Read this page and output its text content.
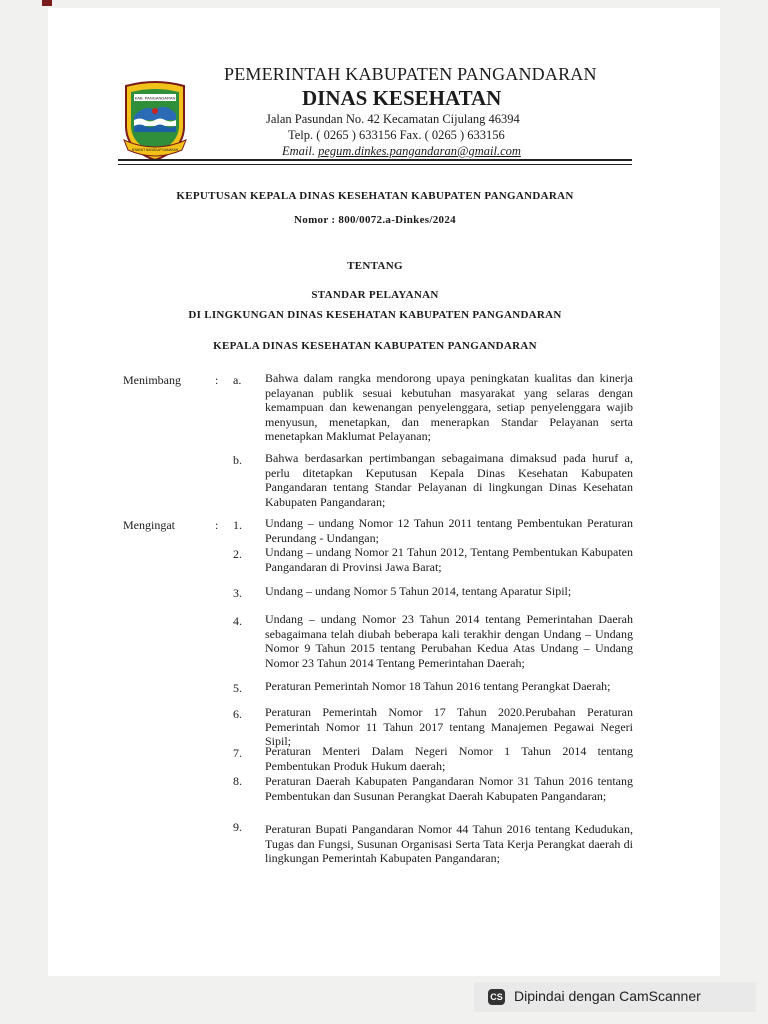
KAB. PANGANDARAN
NYAKAIT NANGKAP NAMAKAN
PEMERINTAH KABUPATEN PANGANDARAN
DINAS KESEHATAN
Jalan Pasundan No. 42 Kecamatan Cijulang 46394
Telp. ( 0265 ) 633156 Fax. ( 0265 ) 633156
Email. pegum.dinkes.pangandaran@gmail.com
KEPUTUSAN KEPALA DINAS KESEHATAN KABUPATEN PANGANDARAN
Nomor : 800/0072.a-Dinkes/2024
TENTANG
STANDAR PELAYANAN
DI LINGKUNGAN DINAS KESEHATAN KABUPATEN PANGANDARAN
KEPALA DINAS KESEHATAN KABUPATEN PANGANDARAN
Menimbang	: a. Bahwa dalam rangka mendorong upaya peningkatan kualitas dan kinerja pelayanan publik sesuai kebutuhan masyarakat yang selaras dengan kemampuan dan kewenangan penyelenggara, setiap penyelenggara wajib menyusun, menetapkan, dan menerapkan Standar Pelayanan serta menetapkan Maklumat Pelayanan;
b. Bahwa berdasarkan pertimbangan sebagaimana dimaksud pada huruf a, perlu ditetapkan Keputusan Kepala Dinas Kesehatan Kabupaten Pangandaran tentang Standar Pelayanan di lingkungan Dinas Kesehatan Kabupaten Pangandaran;
Mengingat	: 1. Undang – undang Nomor 12 Tahun 2011 tentang Pembentukan Peraturan Perundang - Undangan;
2. Undang – undang Nomor 21 Tahun 2012, Tentang Pembentukan Kabupaten Pangandaran di Provinsi Jawa Barat;
3. Undang – undang Nomor 5 Tahun 2014, tentang Aparatur Sipil;
4. Undang – undang Nomor 23 Tahun 2014 tentang Pemerintahan Daerah sebagaimana telah diubah beberapa kali terakhir dengan Undang – Undang Nomor 9 Tahun 2015 tentang Perubahan Kedua Atas Undang – Undang Nomor 23 Tahun 2014 Tentang Pemerintahan Daerah;
5. Peraturan Pemerintah Nomor 18 Tahun 2016 tentang Perangkat Daerah;
6. Peraturan Pemerintah Nomor 17 Tahun 2020.Perubahan Peraturan Pemerintah Nomor 11 Tahun 2017 tentang Manajemen Pegawai Negeri Sipil;
7. Peraturan Menteri Dalam Negeri Nomor 1 Tahun 2014 tentang Pembentukan Produk Hukum daerah;
8. Peraturan Daerah Kabupaten Pangandaran Nomor 31 Tahun 2016 tentang Pembentukan dan Susunan Perangkat Daerah Kabupaten Pangandaran;
9. Peraturan Bupati Pangandaran Nomor 44 Tahun 2016 tentang Kedudukan, Tugas dan Fungsi, Susunan Organisasi Serta Tata Kerja Perangkat daerah di lingkungan Pemerintah Kabupaten Pangandaran;
CS Dipindai dengan CamScanner
